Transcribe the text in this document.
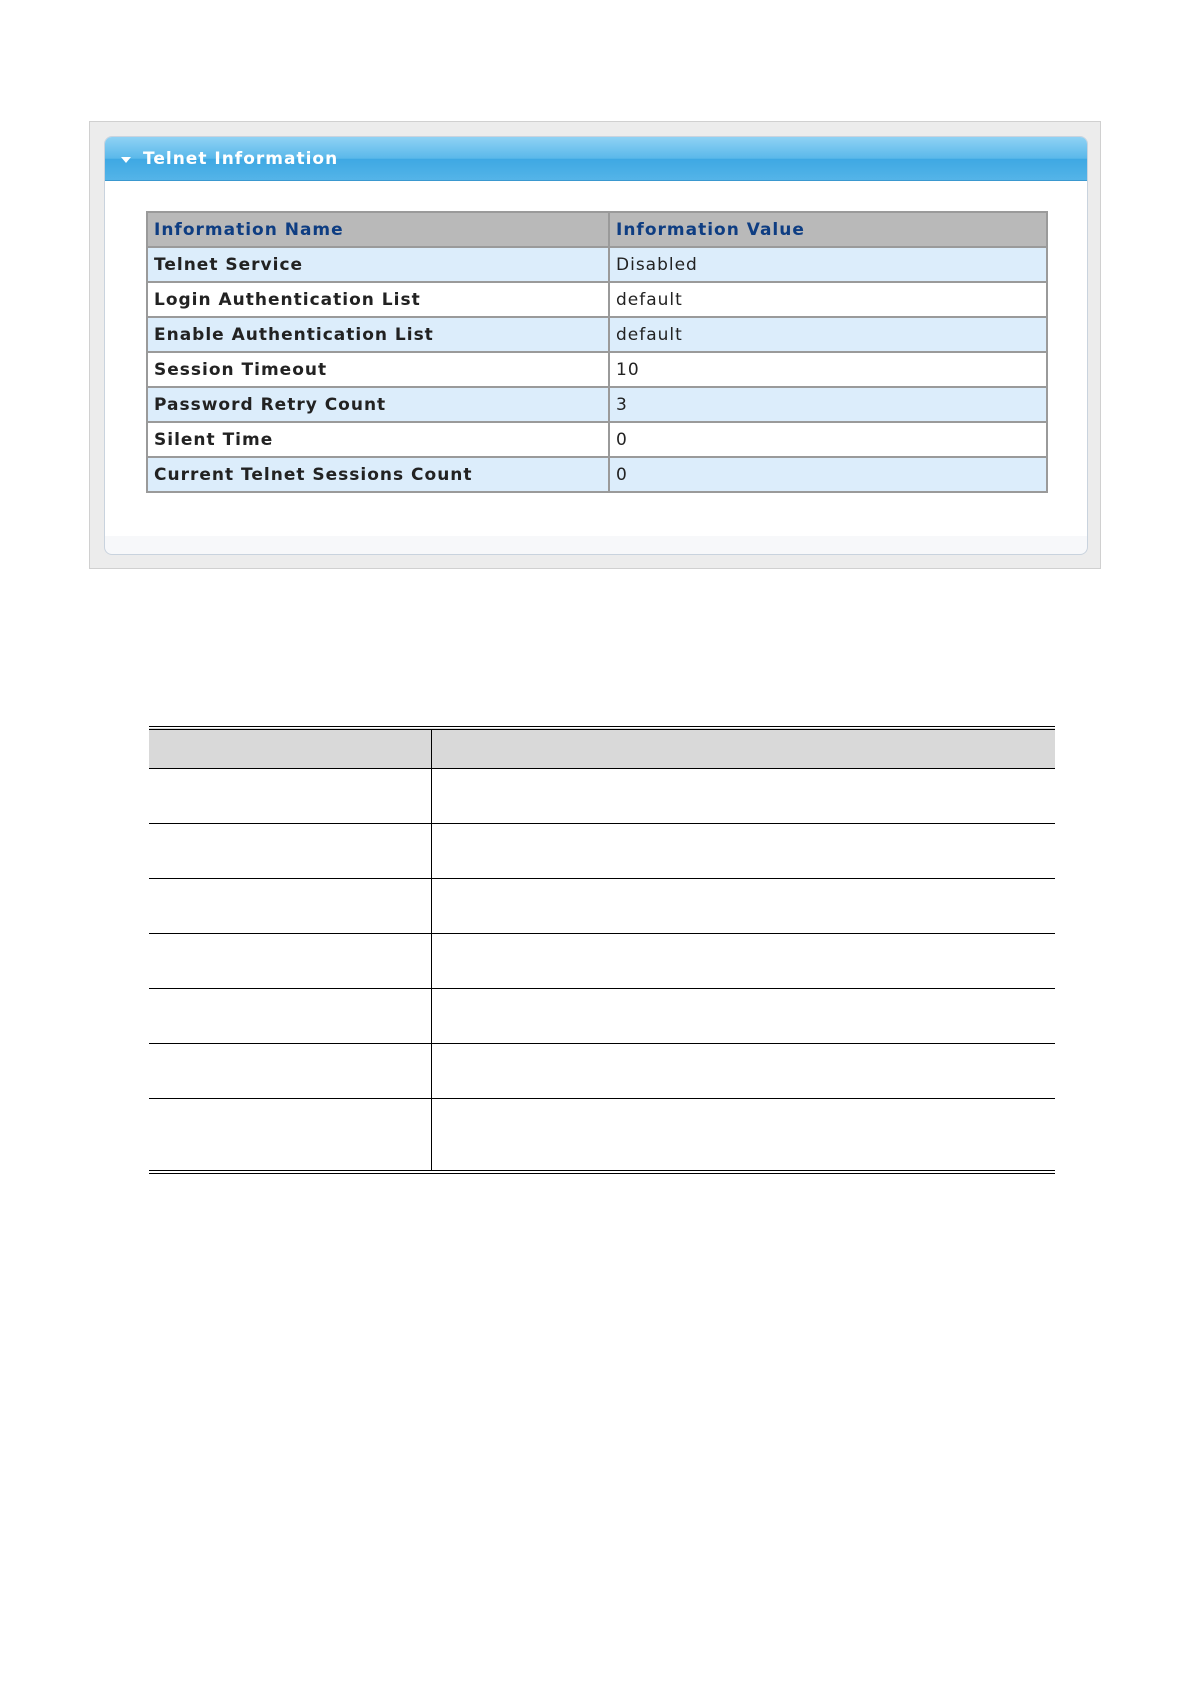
Telnet Information
Information Name	Information Value
Telnet Service	Disabled
Login Authentication List	default
Enable Authentication List	default
Session Timeout	10
Password Retry Count	3
Silent Time	0
Current Telnet Sessions Count	0
